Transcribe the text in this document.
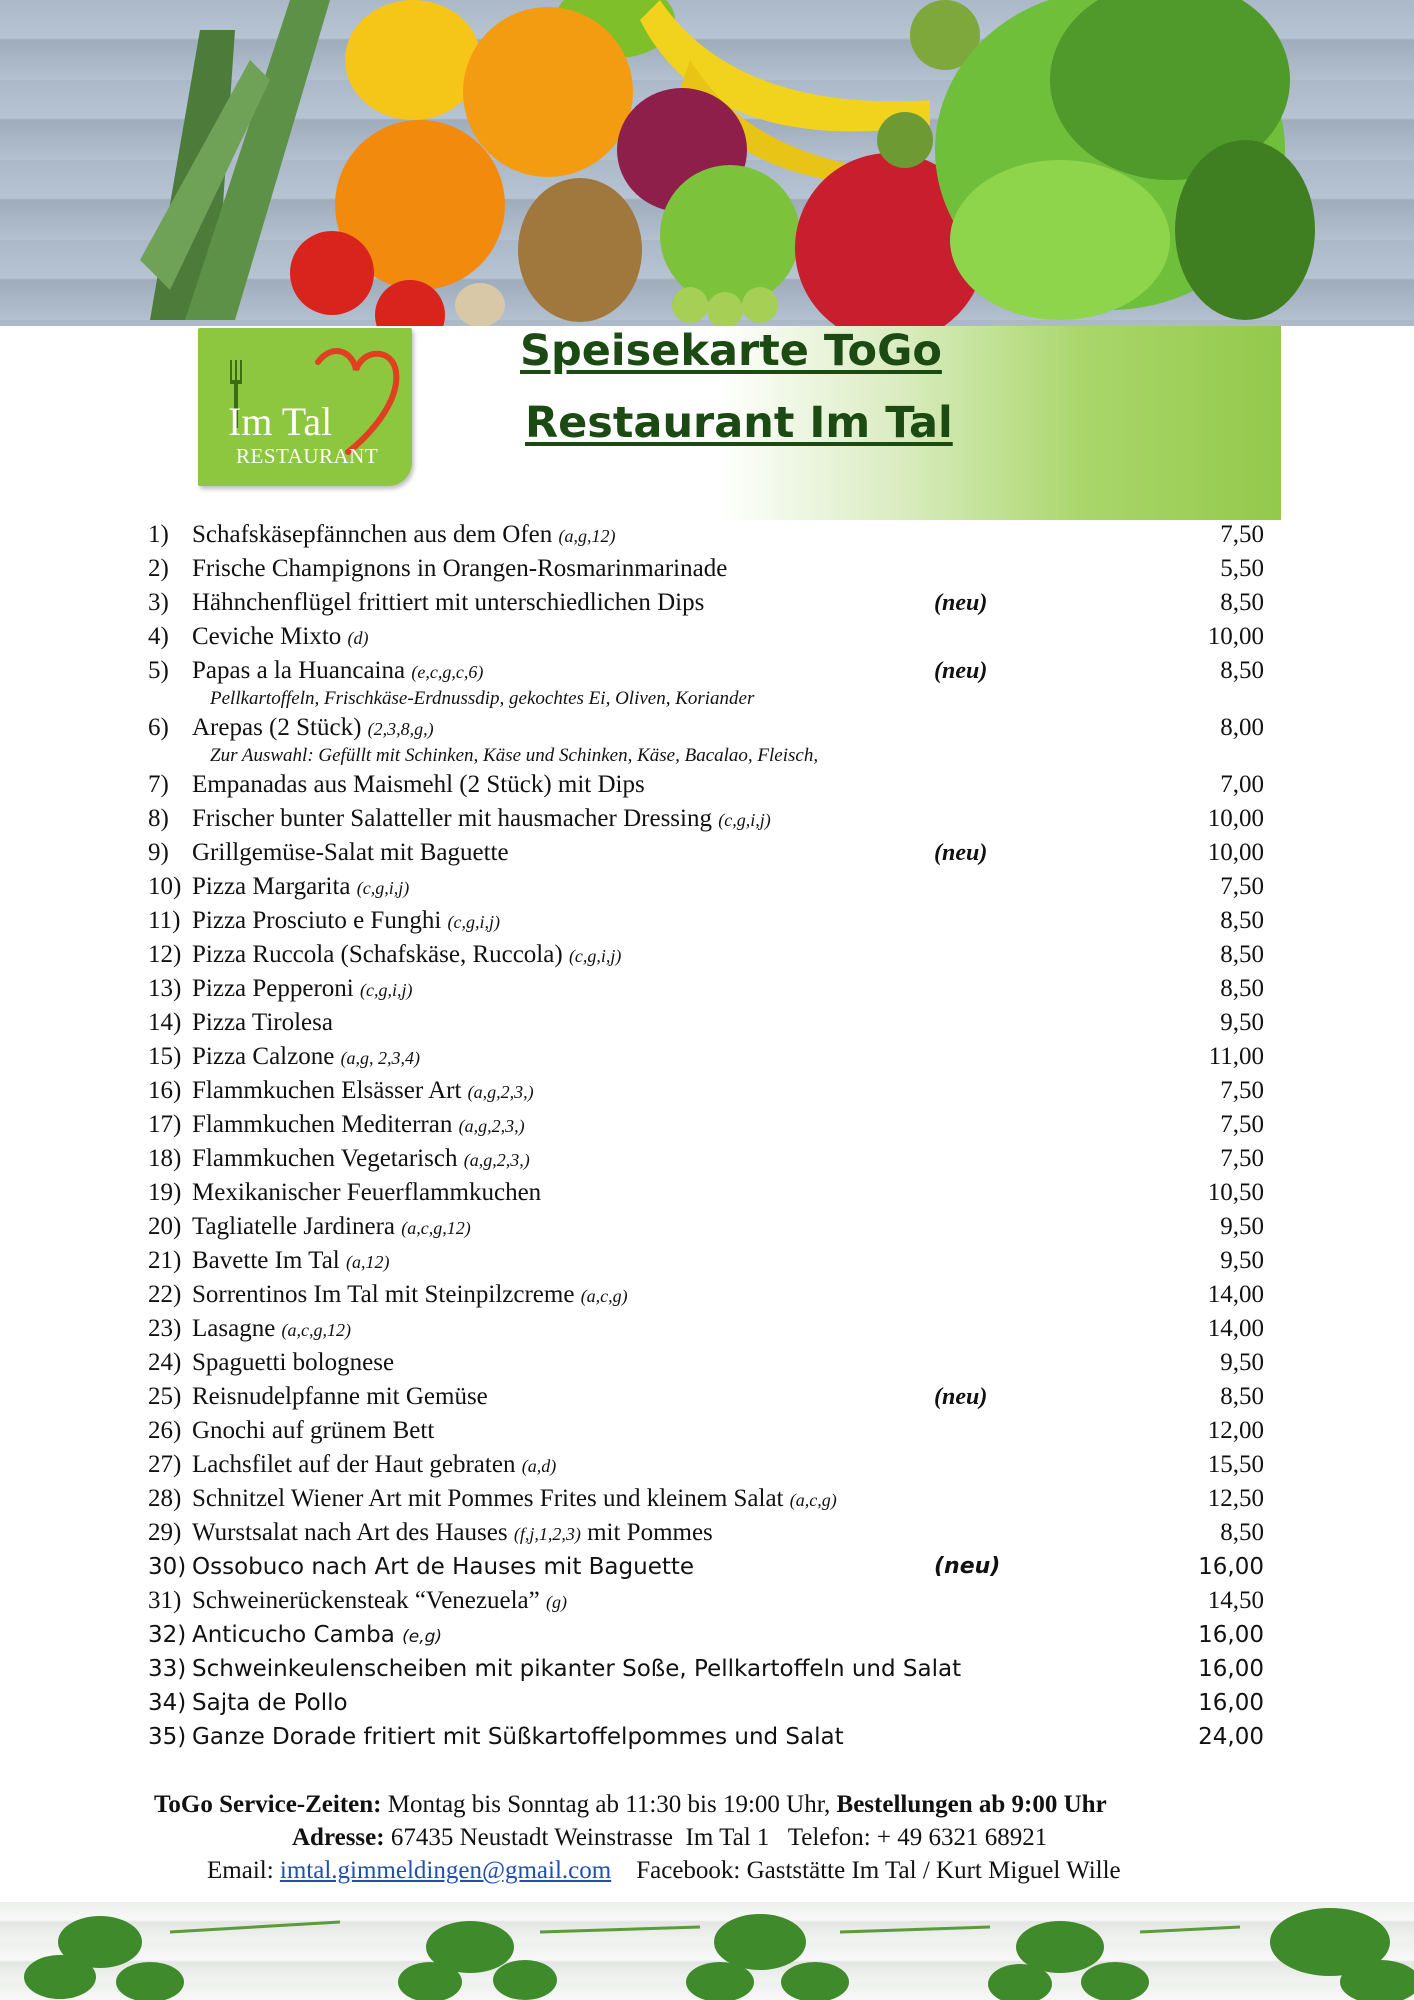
Im Tal
RESTAURANT
Speisekarte ToGo
Restaurant Im Tal
1) Schafskäsepfännchen aus dem Ofen (a,g,12)	7,50
2) Frische Champignons in Orangen-Rosmarinmarinade	5,50
3) Hähnchenflügel frittiert mit unterschiedlichen Dips	(neu)	8,50
4) Ceviche Mixto (d)	10,00
5) Papas a la Huancaina (e,c,g,c,6)	(neu)	8,50
Pellkartoffeln, Frischkäse-Erdnussdip, gekochtes Ei, Oliven, Koriander
6) Arepas (2 Stück) (2,3,8,g,)	8,00
Zur Auswahl: Gefüllt mit Schinken, Käse und Schinken, Käse, Bacalao, Fleisch,
7) Empanadas aus Maismehl (2 Stück) mit Dips	7,00
8) Frischer bunter Salatteller mit hausmacher Dressing (c,g,i,j)	10,00
9) Grillgemüse-Salat mit Baguette	(neu)	10,00
10) Pizza Margarita (c,g,i,j)	7,50
11) Pizza Prosciuto e Funghi (c,g,i,j)	8,50
12) Pizza Ruccola (Schafskäse, Ruccola) (c,g,i,j)	8,50
13) Pizza Pepperoni (c,g,i,j)	8,50
14) Pizza Tirolesa	9,50
15) Pizza Calzone (a,g, 2,3,4)	11,00
16) Flammkuchen Elsässer Art (a,g,2,3,)	7,50
17) Flammkuchen Mediterran (a,g,2,3,)	7,50
18) Flammkuchen Vegetarisch (a,g,2,3,)	7,50
19) Mexikanischer Feuerflammkuchen	10,50
20) Tagliatelle Jardinera (a,c,g,12)	9,50
21) Bavette Im Tal (a,12)	9,50
22) Sorrentinos Im Tal mit Steinpilzcreme (a,c,g)	14,00
23) Lasagne (a,c,g,12)	14,00
24) Spaguetti bolognese	9,50
25) Reisnudelpfanne mit Gemüse	(neu)	8,50
26) Gnochi auf grünem Bett	12,00
27) Lachsfilet auf der Haut gebraten (a,d)	15,50
28) Schnitzel Wiener Art mit Pommes Frites und kleinem Salat (a,c,g)	12,50
29) Wurstsalat nach Art des Hauses (f,j,1,2,3) mit Pommes	8,50
30) Ossobuco nach Art de Hauses mit Baguette	(neu)	16,00
31) Schweinerückensteak “Venezuela” (g)	14,50
32) Anticucho Camba (e,g)	16,00
33) Schweinkeulenscheiben mit pikanter Soße, Pellkartoffeln und Salat	16,00
34) Sajta de Pollo	16,00
35) Ganze Dorade fritiert mit Süßkartoffelpommes und Salat	24,00
ToGo Service-Zeiten: Montag bis Sonntag ab 11:30 bis 19:00 Uhr, Bestellungen ab 9:00 Uhr
Adresse: 67435 Neustadt Weinstrasse  Im Tal 1   Telefon: + 49 6321 68921
Email: imtal.gimmeldingen@gmail.com Facebook: Gaststätte Im Tal / Kurt Miguel Wille
